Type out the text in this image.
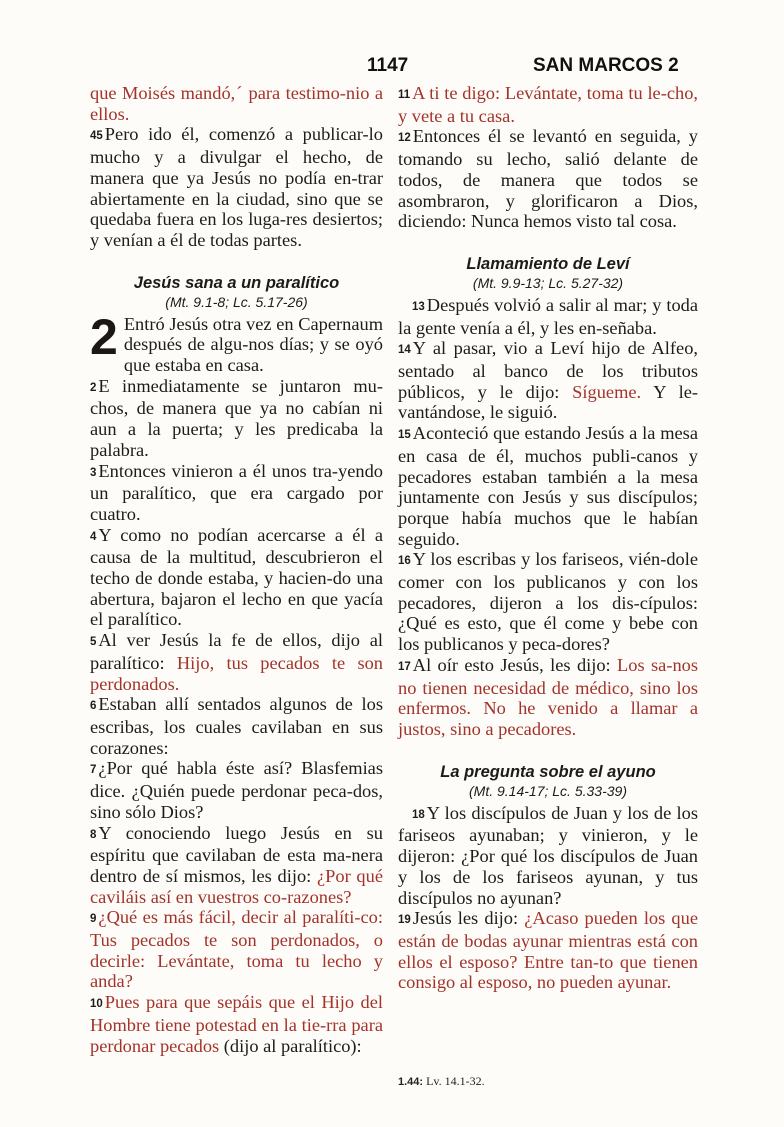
1147	SAN MARCOS 2

que Moisés mandó,ˊ para testimo-nio a ellos.

45 Pero ido él, comenzó a publicar-lo mucho y a divulgar el hecho, de manera que ya Jesús no podía en-trar abiertamente en la ciudad, sino que se quedaba fuera en los luga-res desiertos; y venían a él de todas partes.

Jesús sana a un paralítico

(Mt. 9.1-8; Lc. 5.17-26)

2 Entró Jesús otra vez en Capernaum después de algu-nos días; y se oyó que estaba en casa.

2 E inmediatamente se juntaron mu-chos, de manera que ya no cabían ni aun a la puerta; y les predicaba la palabra.

3 Entonces vinieron a él unos tra-yendo un paralítico, que era cargado por cuatro.

4 Y como no podían acercarse a él a causa de la multitud, descubrieron el techo de donde estaba, y hacien-do una abertura, bajaron el lecho en que yacía el paralítico.

5 Al ver Jesús la fe de ellos, dijo al paralítico: Hijo, tus pecados te son perdonados.

6 Estaban allí sentados algunos de los escribas, los cuales cavilaban en sus corazones:

7 ¿Por qué habla éste así? Blasfemias dice. ¿Quién puede perdonar peca-dos, sino sólo Dios?

8 Y conociendo luego Jesús en su espíritu que cavilaban de esta ma-nera dentro de sí mismos, les dijo: ¿Por qué caviláis así en vuestros co-razones?

9 ¿Qué es más fácil, decir al paralíti-co: Tus pecados te son perdonados, o decirle: Levántate, toma tu lecho y anda?

10 Pues para que sepáis que el Hijo del Hombre tiene potestad en la tie-rra para perdonar pecados (dijo al paralítico):

11 A ti te digo: Levántate, toma tu le-cho, y vete a tu casa.

12 Entonces él se levantó en seguida, y tomando su lecho, salió delante de todos, de manera que todos se asombraron, y glorificaron a Dios, diciendo: Nunca hemos visto tal cosa.

Llamamiento de Leví

(Mt. 9.9-13; Lc. 5.27-32)

13 Después volvió a salir al mar; y toda la gente venía a él, y les en-señaba.

14 Y al pasar, vio a Leví hijo de Alfeo, sentado al banco de los tributos públicos, y le dijo: Sígueme. Y le-vantándose, le siguió.

15 Aconteció que estando Jesús a la mesa en casa de él, muchos publi-canos y pecadores estaban también a la mesa juntamente con Jesús y sus discípulos; porque había muchos que le habían seguido.

16 Y los escribas y los fariseos, vién-dole comer con los publicanos y con los pecadores, dijeron a los dis-cípulos: ¿Qué es esto, que él come y bebe con los publicanos y peca-dores?

17 Al oír esto Jesús, les dijo: Los sa-nos no tienen necesidad de médico, sino los enfermos. No he venido a llamar a justos, sino a pecadores.

La pregunta sobre el ayuno

(Mt. 9.14-17; Lc. 5.33-39)

18 Y los discípulos de Juan y los de los fariseos ayunaban; y vinieron, y le dijeron: ¿Por qué los discípulos de Juan y los de los fariseos ayunan, y tus discípulos no ayunan?

19 Jesús les dijo: ¿Acaso pueden los que están de bodas ayunar mientras está con ellos el esposo? Entre tan-to que tienen consigo al esposo, no pueden ayunar.

1.44: Lv. 14.1-32.
